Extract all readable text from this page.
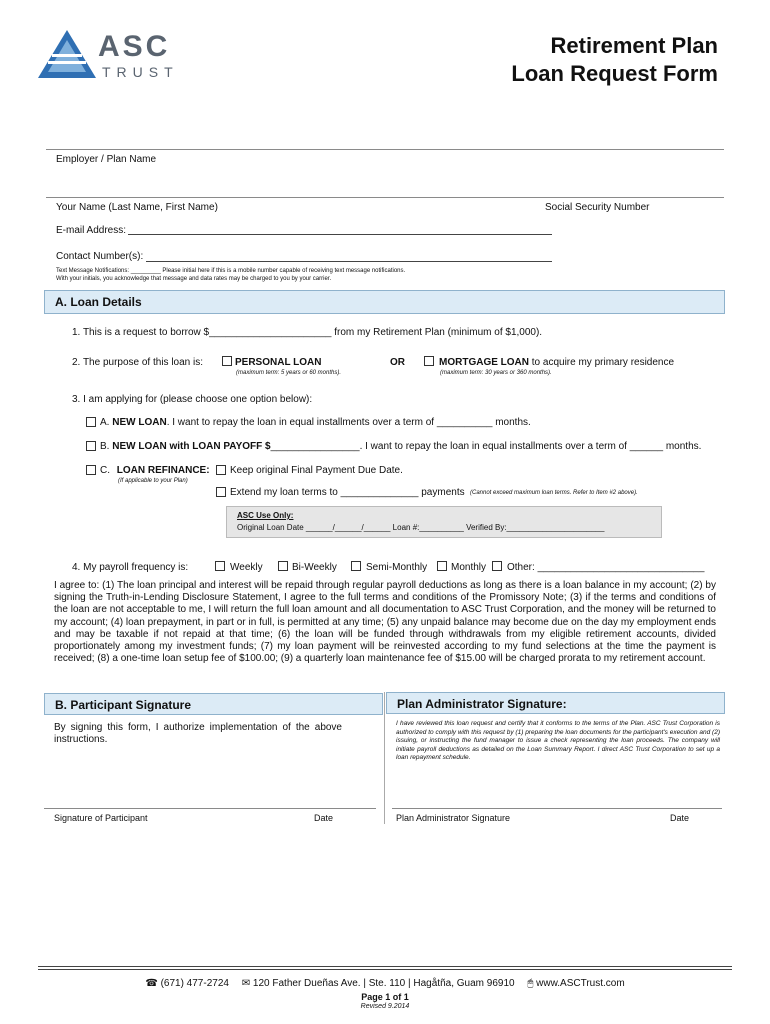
ASC
TRUST
Retirement Plan
Loan Request Form
Employer / Plan Name
Your Name (Last Name, First Name)	Social Security Number
E-mail Address:
Contact Number(s):
Text Message Notifications: _________ Please initial here if this is a mobile number capable of receiving text message notifications.
With your initials, you acknowledge that message and data rates may be charged to you by your carrier.
A. Loan Details
1. This is a request to borrow $______________________ from my Retirement Plan (minimum of $1,000).
2. The purpose of this loan is:	PERSONAL LOAN
(maximum term: 5 years or 60 months).
OR	MORTGAGE LOAN to acquire my primary residence
(maximum term: 30 years or 360 months).
3. I am applying for (please choose one option below):
A. NEW LOAN. I want to repay the loan in equal installments over a term of __________ months.
B. NEW LOAN with LOAN PAYOFF $________________. I want to repay the loan in equal installments over a term of ______ months.
C. LOAN REFINANCE:
(If applicable to your Plan)
Keep original Final Payment Due Date.
Extend my loan terms to ______________ payments (Cannot exceed maximum loan terms. Refer to Item #2 above).
ASC Use Only:
Original Loan Date ______/______/______ Loan #:__________ Verified By:______________________
4. My payroll frequency is:	Weekly	Bi-Weekly	Semi-Monthly Monthly Other: ______________________________
I agree to: (1) The loan principal and interest will be repaid through regular payroll deductions as long as there is a loan balance in my account; (2) by signing the Truth-in-Lending Disclosure Statement, I agree to the full terms and conditions of the Promissory Note; (3) if the terms and conditions of the loan are not acceptable to me, I will return the full loan amount and all documentation to ASC Trust Corporation, and the money will be returned to my account; (4) loan prepayment, in part or in full, is permitted at any time; (5) any unpaid balance may become due on the day my employment ends and may be taxable if not repaid at that time; (6) the loan will be funded through withdrawals from my eligible retirement accounts, divided proportionately among my investment funds; (7) my loan payment will be reinvested according to my fund selections at the time the payment is received; (8) a one-time loan setup fee of $100.00; (9) a quarterly loan maintenance fee of $15.00 will be charged prorata to my retirement account.
B. Participant Signature	Plan Administrator Signature:
By signing this form, I authorize implementation of the above instructions.
I have reviewed this loan request and certify that it conforms to the terms of the Plan. ASC Trust Corporation is authorized to comply with this request by (1) preparing the loan documents for the participant's execution and (2) issuing, or instructing the fund manager to issue a check representing the loan proceeds. The company will initiate payroll deductions as detailed on the Loan Summary Report. I direct ASC Trust Corporation to set up a loan repayment schedule.
Signature of Participant	Date	Plan Administrator Signature	Date
☎ (671) 477-2724 ✉ 120 Father Dueñas Ave. | Ste. 110 | Hagåtña, Guam 96910 🖱 www.ASCTrust.com
Page 1 of 1
Revised 9.2014
